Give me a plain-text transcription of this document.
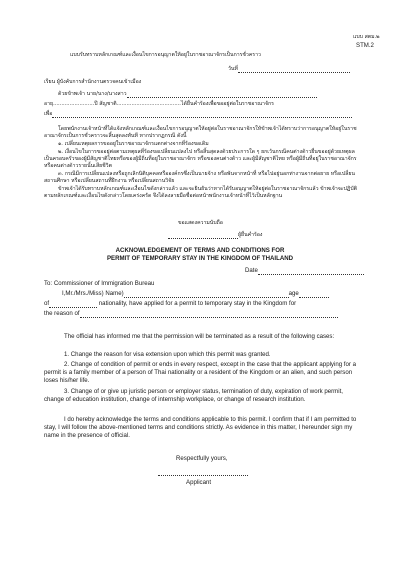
แบบ สตม.๒
STM.2
แบบรับทราบหลักเกณฑ์และเงื่อนไขการอนุญาตให้อยู่ในราชอาณาจักรเป็นการชั่วคราว
วันที่
เรียน ผู้บังคับการสำนักงานตรวจคนเข้าเมือง
ด้วยข้าพเจ้า นาย/นาง/นางสาว
อายุ.........................ปี สัญชาติ.......................................ได้ยื่นคำร้องเพื่อขออยู่ต่อในราชอาณาจักร
เพื่อ
โดยพนักงานเจ้าหน้าที่ได้แจ้งหลักเกณฑ์และเงื่อนไขการอนุญาตให้อยู่ต่อในราชอาณาจักรให้ข้าพเจ้าได้ทราบว่าการอนุญาตให้อยู่ในราชอาณาจักรเป็นการชั่วคราวจะสิ้นสุดลงทันที หากปรากฏกรณี ดังนี้
๑. เปลี่ยนเหตุผลการขออยู่ในราชอาณาจักรแตกต่างจากที่ร้องขอเดิม
๒. เงื่อนไขในการขออยู่ต่อตามเหตุผลที่ร้องขอเปลี่ยนแปลงไป หรือสิ้นสุดลงด้วยประการใด ๆ ยกเว้นกรณีคนต่างด้าวยื่นขออยู่ด้วยเหตุผลเป็นครอบครัวของผู้มีสัญชาติไทยหรือของผู้มีถิ่นที่อยู่ในราชอาณาจักร หรือของคนต่างด้าว และผู้มีสัญชาติไทย หรือผู้มีถิ่นที่อยู่ในราชอาณาจักร หรือคนต่างด้าวรายนั้นเสียชีวิต
๓. กรณีมีการเปลี่ยนแปลงหรือถูกเลิกนิติบุคคลหรือองค์กรซึ่งเป็นนายจ้าง หรือพ้นจากหน้าที่ หรือไปอยู่นอกท่างานจากต่อยาย หรือเปลี่ยนสถานศึกษา หรือเปลี่ยนสถานที่ฝึกงาน หรือเปลี่ยนสถานวิจัย
ข้าพเจ้าได้รับทราบหลักเกณฑ์และเงื่อนไขดังกล่าวแล้ว และจะยินยันว่าหากได้รับอนุญาตให้อยู่ต่อในราชอาณาจักรแล้ว ข้าพเจ้าจะปฏิบัติตามหลักเกณฑ์และเงื่อนไขดังกล่าวโดยเคร่งครัด จึงได้ลงลายมือชื่อต่อหน้าพนักงานเจ้าหน้าที่ไว้เป็นหลักฐาน
ขอแสดงความนับถือ
ผู้ยื่นคำร้อง
ACKNOWLEDGEMENT OF TERMS AND CONDITIONS FOR
PERMIT OF TEMPORARY STAY IN THE KINGDOM OF THAILAND
Date
To: Commissioner of Immigration Bureau
I,Mr./Mrs./Miss) Name)	age
of	nationality, have applied for a permit to temporary stay in the Kingdom for
the reason of
The official has informed me that the permission will be terminated as a result of the following cases:
1. Change the reason for visa extension upon which this permit was granted.
2. Change of condition of permit or ends in every respect, except in the case that the applicant applying for a permit is a family member of a person of Thai nationality or a resident of the Kingdom or an alien, and such person loses his/her life.
3. Change of or give up juristic person or employer status, termination of duty, expiration of work permit, change of education institution, change of internship workplace, or change of research institution.
I do hereby acknowledge the terms and conditions applicable to this permit. I confirm that if I am permitted to stay, I will follow the above-mentioned terms and conditions strictly. As evidence in this matter, I hereunder sign my name in the presence of official.
Respectfully yours,
Applicant
